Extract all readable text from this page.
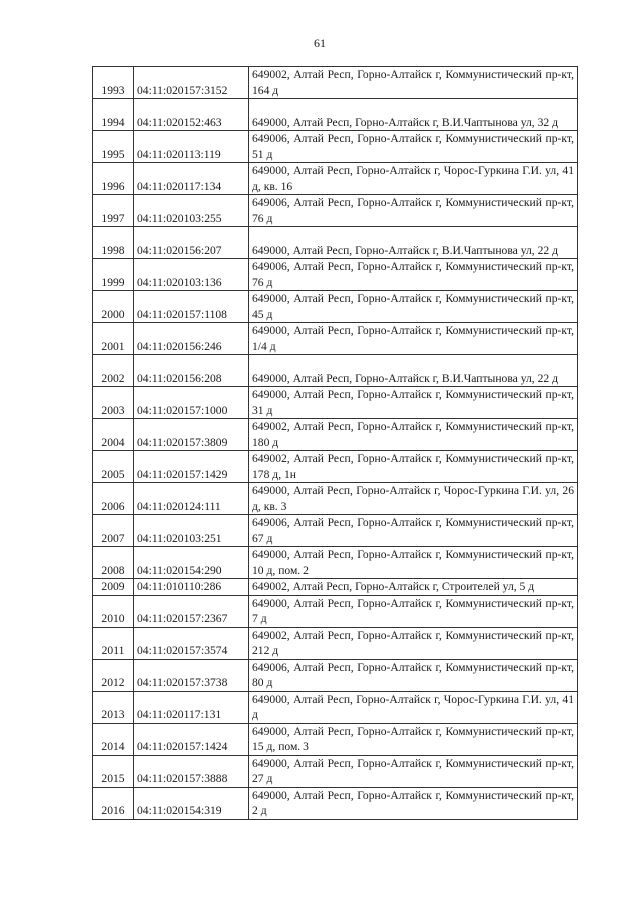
61
1993	04:11:020157:3152	649002, Алтай Респ, Горно-Алтайск г, Коммунистический пр-кт, 164 д
1994	04:11:020152:463	649000, Алтай Респ, Горно-Алтайск г, В.И.Чаптынова ул, 32 д
1995	04:11:020113:119	649006, Алтай Респ, Горно-Алтайск г, Коммунистический пр-кт, 51 д
1996	04:11:020117:134	649000, Алтай Респ, Горно-Алтайск г, Чорос-Гуркина Г.И. ул, 41 д, кв. 16
1997	04:11:020103:255	649006, Алтай Респ, Горно-Алтайск г, Коммунистический пр-кт, 76 д
1998	04:11:020156:207	649000, Алтай Респ, Горно-Алтайск г, В.И.Чаптынова ул, 22 д
1999	04:11:020103:136	649006, Алтай Респ, Горно-Алтайск г, Коммунистический пр-кт, 76 д
2000	04:11:020157:1108	649000, Алтай Респ, Горно-Алтайск г, Коммунистический пр-кт, 45 д
2001	04:11:020156:246	649000, Алтай Респ, Горно-Алтайск г, Коммунистический пр-кт, 1/4 д
2002	04:11:020156:208	649000, Алтай Респ, Горно-Алтайск г, В.И.Чаптынова ул, 22 д
2003	04:11:020157:1000	649000, Алтай Респ, Горно-Алтайск г, Коммунистический пр-кт, 31 д
2004	04:11:020157:3809	649002, Алтай Респ, Горно-Алтайск г, Коммунистический пр-кт, 180 д
2005	04:11:020157:1429	649002, Алтай Респ, Горно-Алтайск г, Коммунистический пр-кт, 178 д, 1н
2006	04:11:020124:111	649000, Алтай Респ, Горно-Алтайск г, Чорос-Гуркина Г.И. ул, 26 д, кв. 3
2007	04:11:020103:251	649006, Алтай Респ, Горно-Алтайск г, Коммунистический пр-кт, 67 д
2008	04:11:020154:290	649000, Алтай Респ, Горно-Алтайск г, Коммунистический пр-кт, 10 д, пом. 2
2009	04:11:010110:286	649002, Алтай Респ, Горно-Алтайск г, Строителей ул, 5 д
2010	04:11:020157:2367	649000, Алтай Респ, Горно-Алтайск г, Коммунистический пр-кт, 7 д
2011	04:11:020157:3574	649002, Алтай Респ, Горно-Алтайск г, Коммунистический пр-кт, 212 д
2012	04:11:020157:3738	649006, Алтай Респ, Горно-Алтайск г, Коммунистический пр-кт, 80 д
2013	04:11:020117:131	649000, Алтай Респ, Горно-Алтайск г, Чорос-Гуркина Г.И. ул, 41 д
2014	04:11:020157:1424	649000, Алтай Респ, Горно-Алтайск г, Коммунистический пр-кт, 15 д, пом. 3
2015	04:11:020157:3888	649000, Алтай Респ, Горно-Алтайск г, Коммунистический пр-кт, 27 д
2016	04:11:020154:319	649000, Алтай Респ, Горно-Алтайск г, Коммунистический пр-кт, 2 д
